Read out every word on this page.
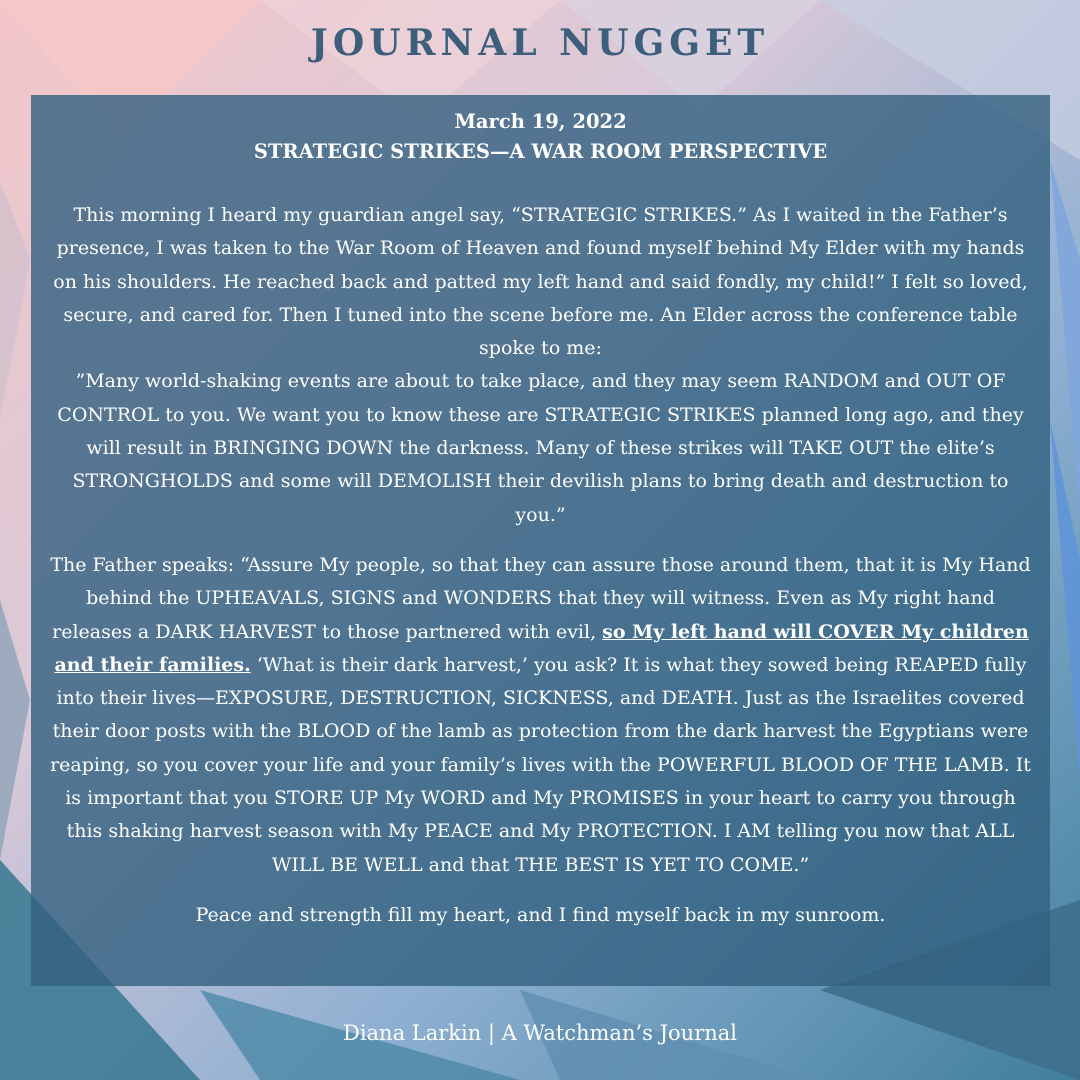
JOURNAL NUGGET
March 19, 2022
STRATEGIC STRIKES—A WAR ROOM PERSPECTIVE

This morning I heard my guardian angel say, “STRATEGIC STRIKES.” As I waited in the Father’s presence, I was taken to the War Room of Heaven and found myself behind My Elder with my hands on his shoulders. He reached back and patted my left hand and said fondly, my child!” I felt so loved, secure, and cared for. Then I tuned into the scene before me. An Elder across the conference table spoke to me:

”Many world-shaking events are about to take place, and they may seem RANDOM and OUT OF CONTROL to you. We want you to know these are STRATEGIC STRIKES planned long ago, and they will result in BRINGING DOWN the darkness. Many of these strikes will TAKE OUT the elite’s STRONGHOLDS and some will DEMOLISH their devilish plans to bring death and destruction to you.”

The Father speaks: “Assure My people, so that they can assure those around them, that it is My Hand behind the UPHEAVALS, SIGNS and WONDERS that they will witness. Even as My right hand releases a DARK HARVEST to those partnered with evil, so My left hand will COVER My children and their families. ‘What is their dark harvest,’ you ask? It is what they sowed being REAPED fully into their lives—EXPOSURE, DESTRUCTION, SICKNESS, and DEATH. Just as the Israelites covered their door posts with the BLOOD of the lamb as protection from the dark harvest the Egyptians were reaping, so you cover your life and your family’s lives with the POWERFUL BLOOD OF THE LAMB. It is important that you STORE UP My WORD and My PROMISES in your heart to carry you through this shaking harvest season with My PEACE and My PROTECTION. I AM telling you now that ALL WILL BE WELL and that THE BEST IS YET TO COME.”

Peace and strength fill my heart, and I find myself back in my sunroom.

Diana Larkin | A Watchman’s Journal
